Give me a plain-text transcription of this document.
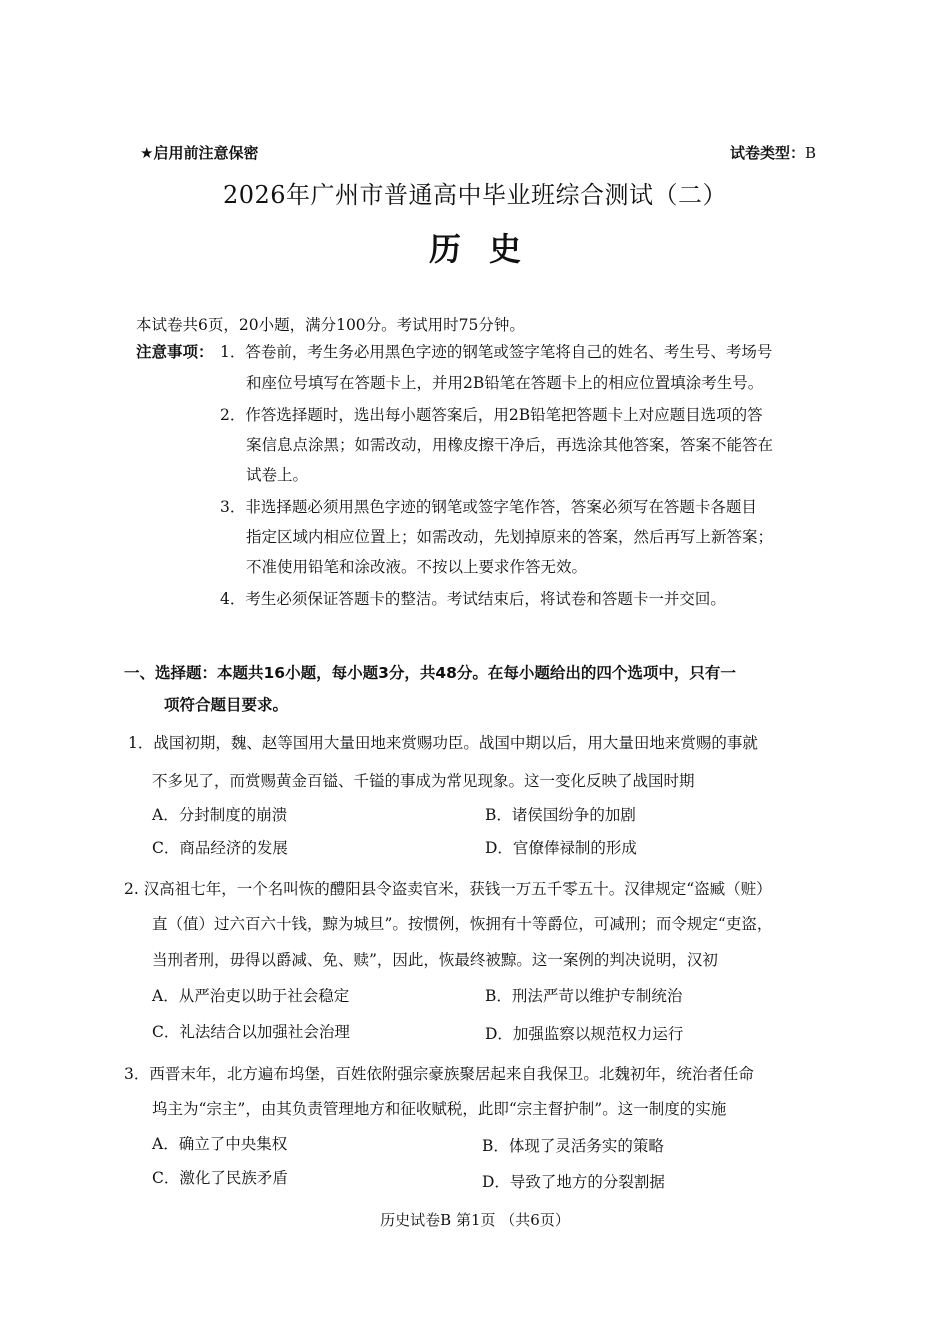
★启用前注意保密	试卷类型：B
2026年广州市普通高中毕业班综合测试（二）
历史
本试卷共6页，20小题，满分100分。考试用时75分钟。
注意事项： 1．答卷前，考生务必用黑色字迹的钢笔或签字笔将自己的姓名、考生号、考场号
和座位号填写在答题卡上，并用2B铅笔在答题卡上的相应位置填涂考生号。
2．作答选择题时，选出每小题答案后，用2B铅笔把答题卡上对应题目选项的答
案信息点涂黑；如需改动，用橡皮擦干净后，再选涂其他答案，答案不能答在
试卷上。
3．非选择题必须用黑色字迹的钢笔或签字笔作答，答案必须写在答题卡各题目
指定区域内相应位置上；如需改动，先划掉原来的答案，然后再写上新答案；
不准使用铅笔和涂改液。不按以上要求作答无效。
4．考生必须保证答题卡的整洁。考试结束后，将试卷和答题卡一并交回。
一、选择题：本题共16小题，每小题3分，共48分。在每小题给出的四个选项中，只有一
项符合题目要求。
1．战国初期，魏、赵等国用大量田地来赏赐功臣。战国中期以后，用大量田地来赏赐的事就
不多见了，而赏赐黄金百镒、千镒的事成为常见现象。这一变化反映了战国时期
A．分封制度的崩溃	B．诸侯国纷争的加剧
C．商品经济的发展	D．官僚俸禄制的形成
2. 汉高祖七年，一个名叫恢的醴阳县令盗卖官米，获钱一万五千零五十。汉律规定“盗臧（赃）
直（值）过六百六十钱，黥为城旦”。按惯例，恢拥有十等爵位，可减刑；而令规定“吏盗，
当刑者刑，毋得以爵减、免、赎”，因此，恢最终被黥。这一案例的判决说明，汉初
A．从严治吏以助于社会稳定	B．刑法严苛以维护专制统治
C．礼法结合以加强社会治理	D．加强监察以规范权力运行
3．西晋末年，北方遍布坞堡，百姓依附强宗豪族聚居起来自我保卫。北魏初年，统治者任命
坞主为“宗主”，由其负责管理地方和征收赋税，此即“宗主督护制”。这一制度的实施
A．确立了中央集权	B．体现了灵活务实的策略
C．激化了民族矛盾	D．导致了地方的分裂割据
历史试卷B 第1页 （共6页）
